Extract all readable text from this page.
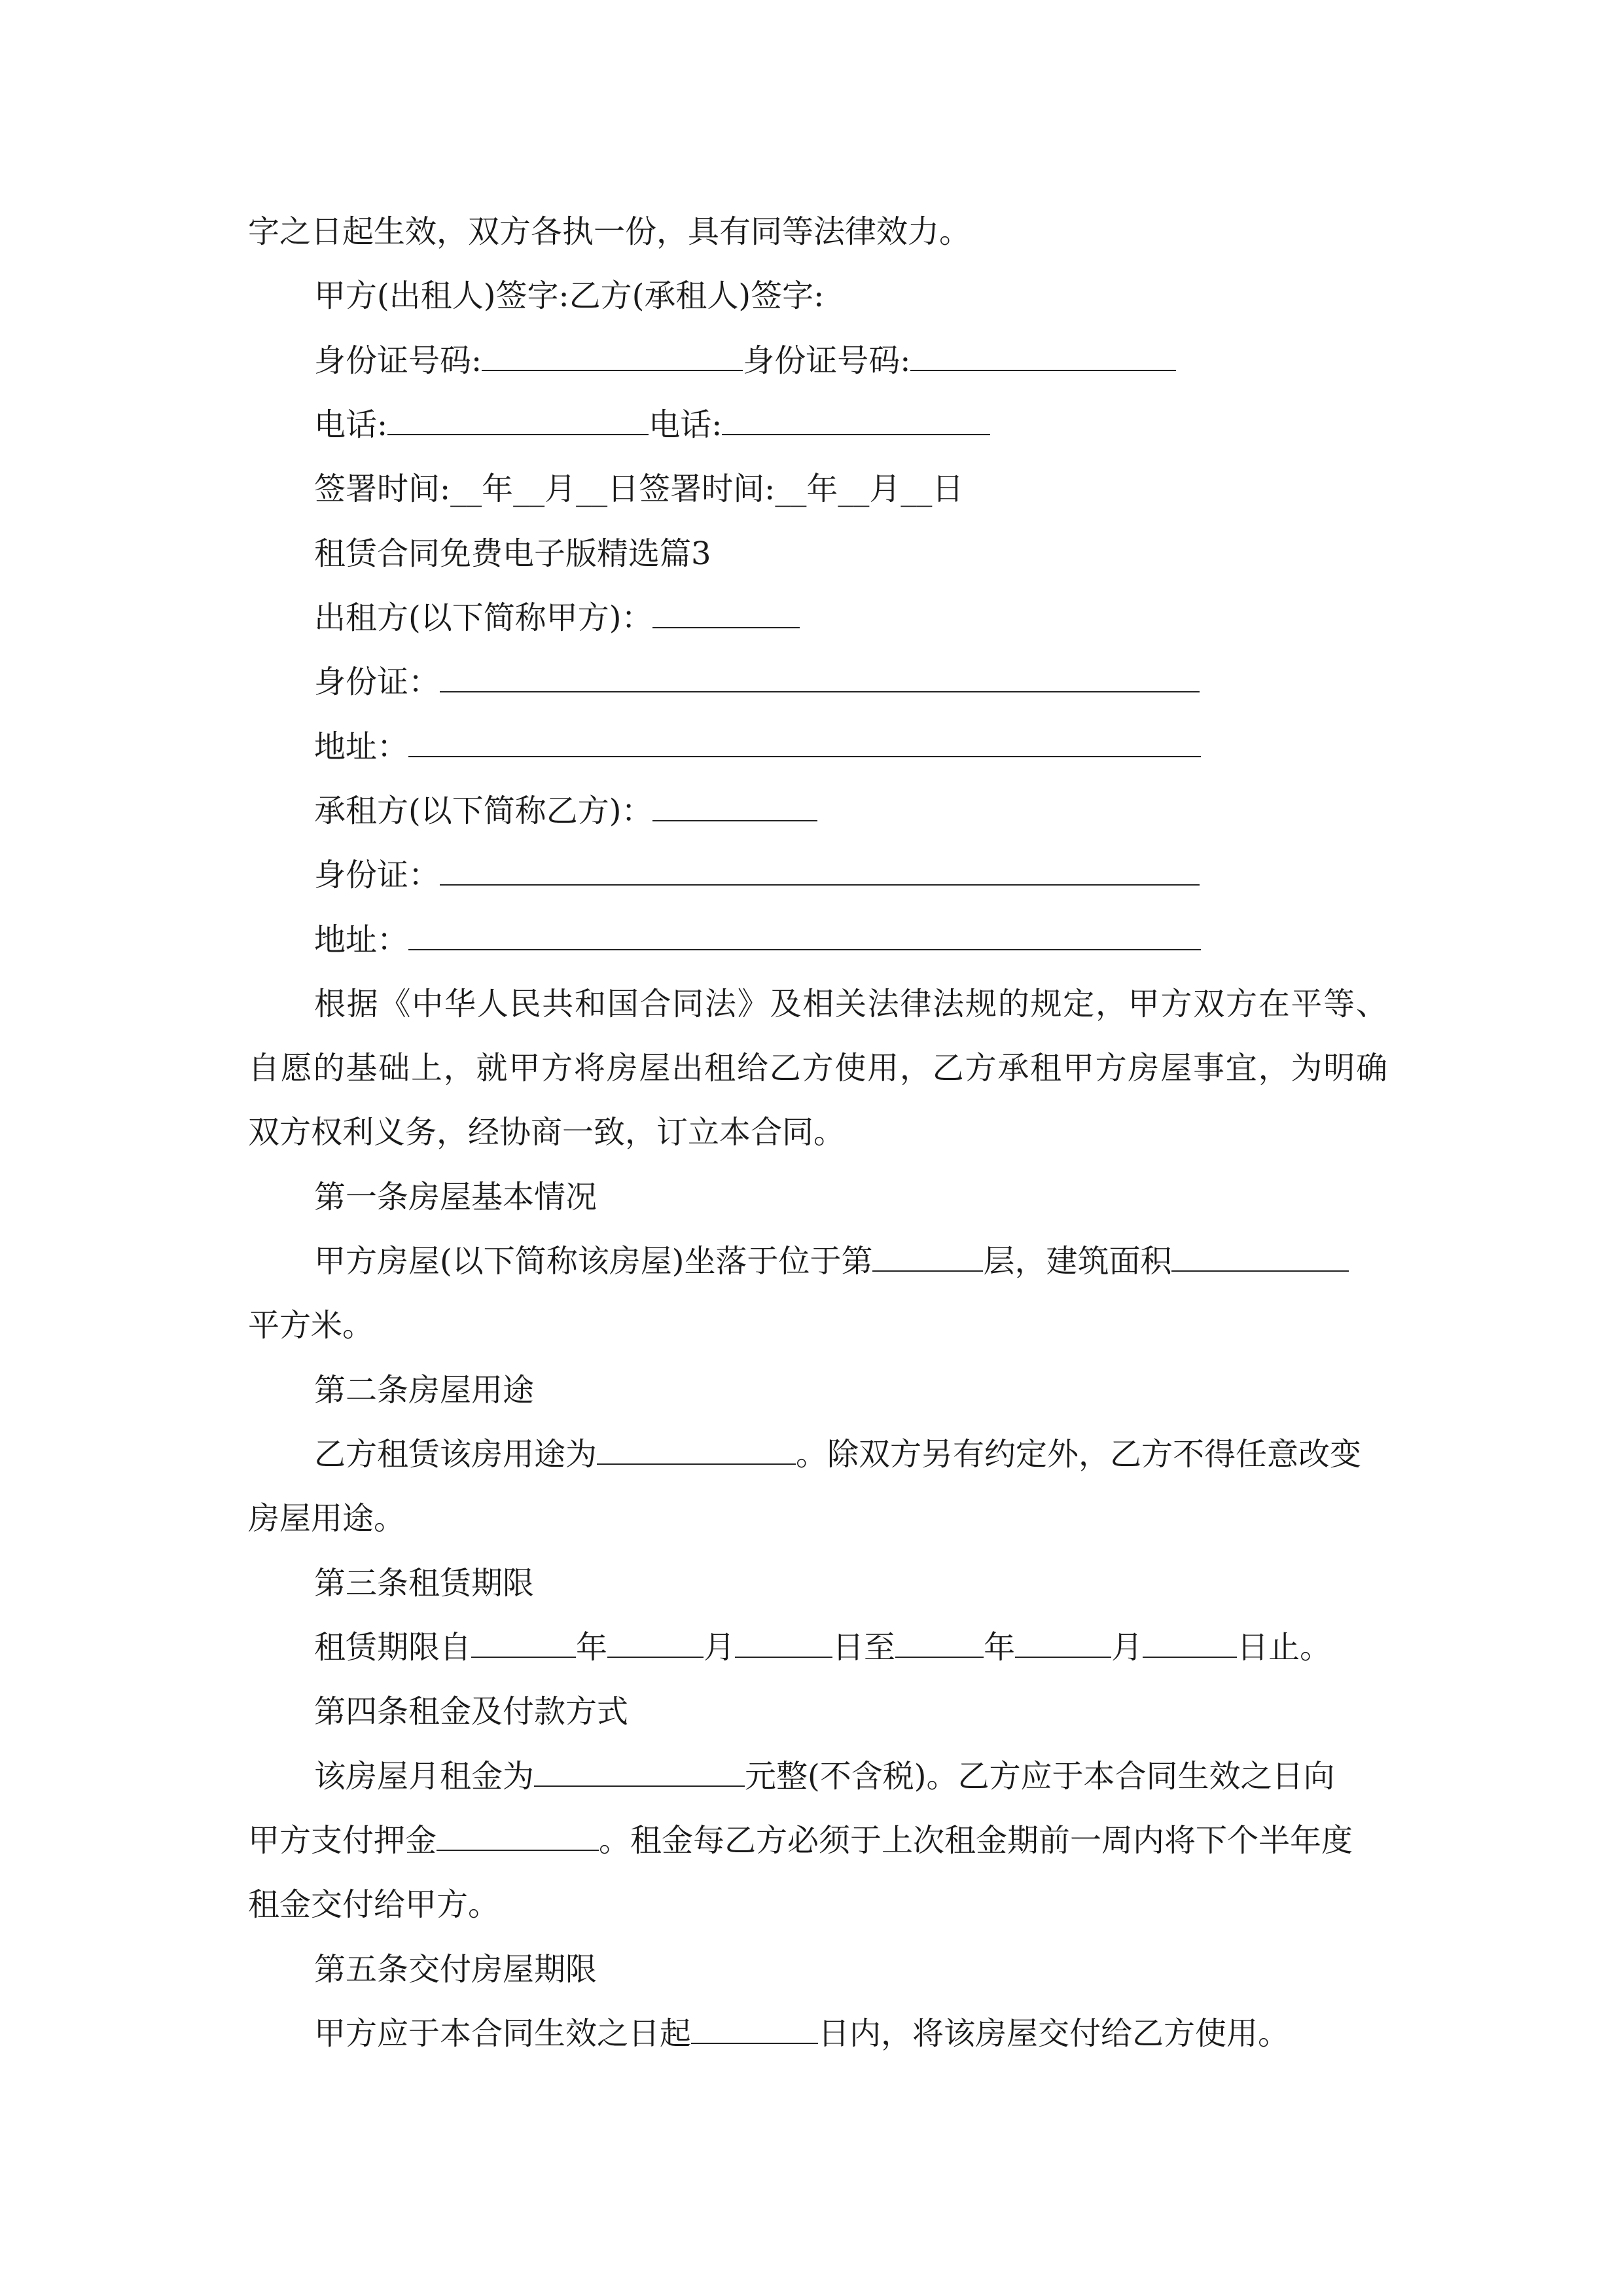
字之日起生效，双方各执一份，具有同等法律效力。
甲方(出租人)签字:乙方(承租人)签字:
身份证号码:	身份证号码:
电话:	电话:
签署时间:__年__月__日签署时间:__年__月__日
租赁合同免费电子版精选篇3
出租方(以下简称甲方)：
身份证：
地址：
承租方(以下简称乙方)：
身份证：
地址：
根据《中华人民共和国合同法》及相关法律法规的规定，甲方双方在平等、
自愿的基础上，就甲方将房屋出租给乙方使用，乙方承租甲方房屋事宜，为明确
双方权利义务，经协商一致，订立本合同。
第一条房屋基本情况
甲方房屋(以下简称该房屋)坐落于位于第	层，建筑面积
平方米。
第二条房屋用途
乙方租赁该房用途为	。除双方另有约定外，乙方不得任意改变
房屋用途。
第三条租赁期限
租赁期限自	年	月	日至	年	月	日止。
第四条租金及付款方式
该房屋月租金为	元整(不含税)。乙方应于本合同生效之日向
甲方支付押金	。租金每乙方必须于上次租金期前一周内将下个半年度
租金交付给甲方。
第五条交付房屋期限
甲方应于本合同生效之日起	日内，将该房屋交付给乙方使用。
